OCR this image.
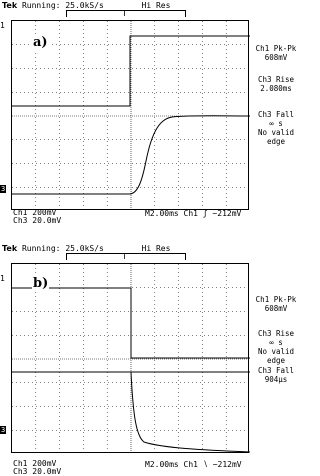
Tek Running: 25.0kS/s	Hi Res
T
1
3
a)	Ch1 Pk-Pk
608mV
Ch3 Rise
2.080ms
Ch3 Fall
∞ s
No valid
edge
Ch1 200mV
Ch3 20.0mV
M2.00ms Ch1 ʃ −212mV
Tek Running: 25.0kS/s	Hi Res
T
1
3
b)
Ch1 Pk-Pk
608mV
Ch3 Rise
∞ s
No valid
edge
Ch3 Fall
904µs
Ch1 200mV
Ch3 20.0mV
M2.00ms Ch1 ∖ −212mV
